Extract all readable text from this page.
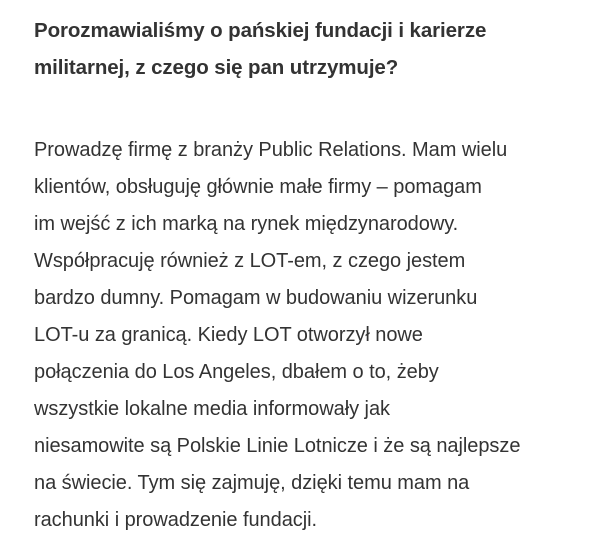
Porozmawialiśmy o pańskiej fundacji i karierze
militarnej, z czego się pan utrzymuje?

Prowadzę firmę z branży Public Relations. Mam wielu
klientów, obsługuję głównie małe firmy – pomagam
im wejść z ich marką na rynek międzynarodowy.
Współpracuję również z LOT-em, z czego jestem
bardzo dumny. Pomagam w budowaniu wizerunku
LOT-u za granicą. Kiedy LOT otworzył nowe
połączenia do Los Angeles, dbałem o to, żeby
wszystkie lokalne media informowały jak
niesamowite są Polskie Linie Lotnicze i że są najlepsze
na świecie. Tym się zajmuję, dzięki temu mam na
rachunki i prowadzenie fundacji.
